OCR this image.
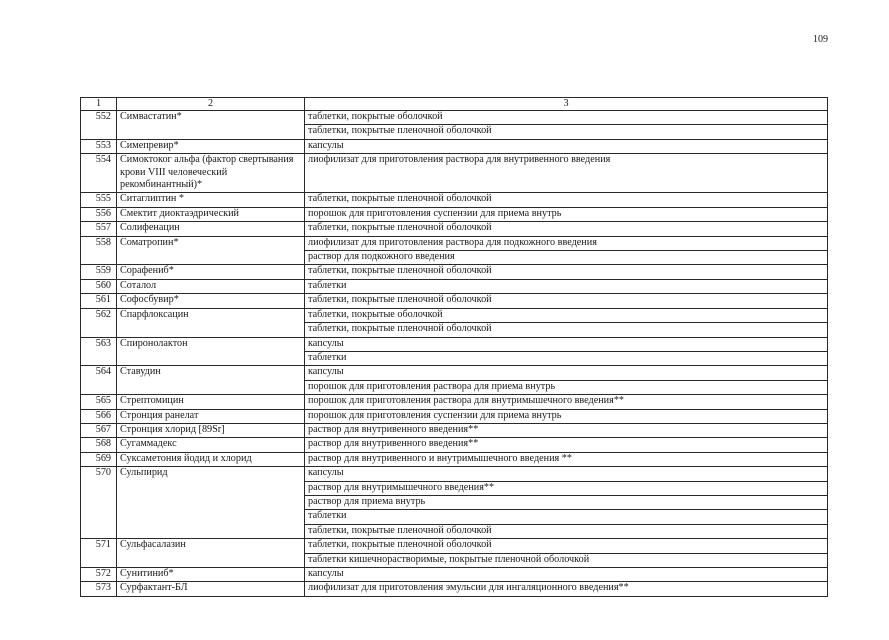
109
1	2	3
552	Симвастатин*	таблетки, покрытые оболочкой
		таблетки, покрытые пленочной оболочкой
553	Симепревир*	капсулы
554	Симоктоког альфа (фактор свертывания крови VIII человеческий рекомбинантный)*	лиофилизат для приготовления раствора для внутривенного введения
555	Ситаглиптин *	таблетки, покрытые пленочной оболочкой
556	Смектит диоктаэдрический	порошок для приготовления суспензии для приема внутрь
557	Солифенацин	таблетки, покрытые пленочной оболочкой
558	Соматропин*	лиофилизат для приготовления раствора для подкожного введения
		раствор для подкожного введения
559	Сорафениб*	таблетки, покрытые пленочной оболочкой
560	Соталол	таблетки
561	Софосбувир*	таблетки, покрытые пленочной оболочкой
562	Спарфлоксацин	таблетки, покрытые оболочкой
		таблетки, покрытые пленочной оболочкой
563	Спиронолактон	капсулы
		таблетки
564	Ставудин	капсулы
		порошок для приготовления раствора для приема внутрь
565	Стрептомицин	порошок для приготовления раствора для внутримышечного введения**
566	Стронция ранелат	порошок для приготовления суспензии для приема внутрь
567	Стронция хлорид [89Sr]	раствор для внутривенного введения**
568	Сугаммадекс	раствор для внутривенного введения**
569	Суксаметония йодид и хлорид	раствор для внутривенного и внутримышечного введения **
570	Сульпирид	капсулы
		раствор для внутримышечного введения**
		раствор для приема внутрь
		таблетки
		таблетки, покрытые пленочной оболочкой
571	Сульфасалазин	таблетки, покрытые пленочной оболочкой
		таблетки кишечнорастворимые, покрытые пленочной оболочкой
572	Сунитиниб*	капсулы
573	Сурфактант-БЛ	лиофилизат для приготовления эмульсии для ингаляционного введения**
